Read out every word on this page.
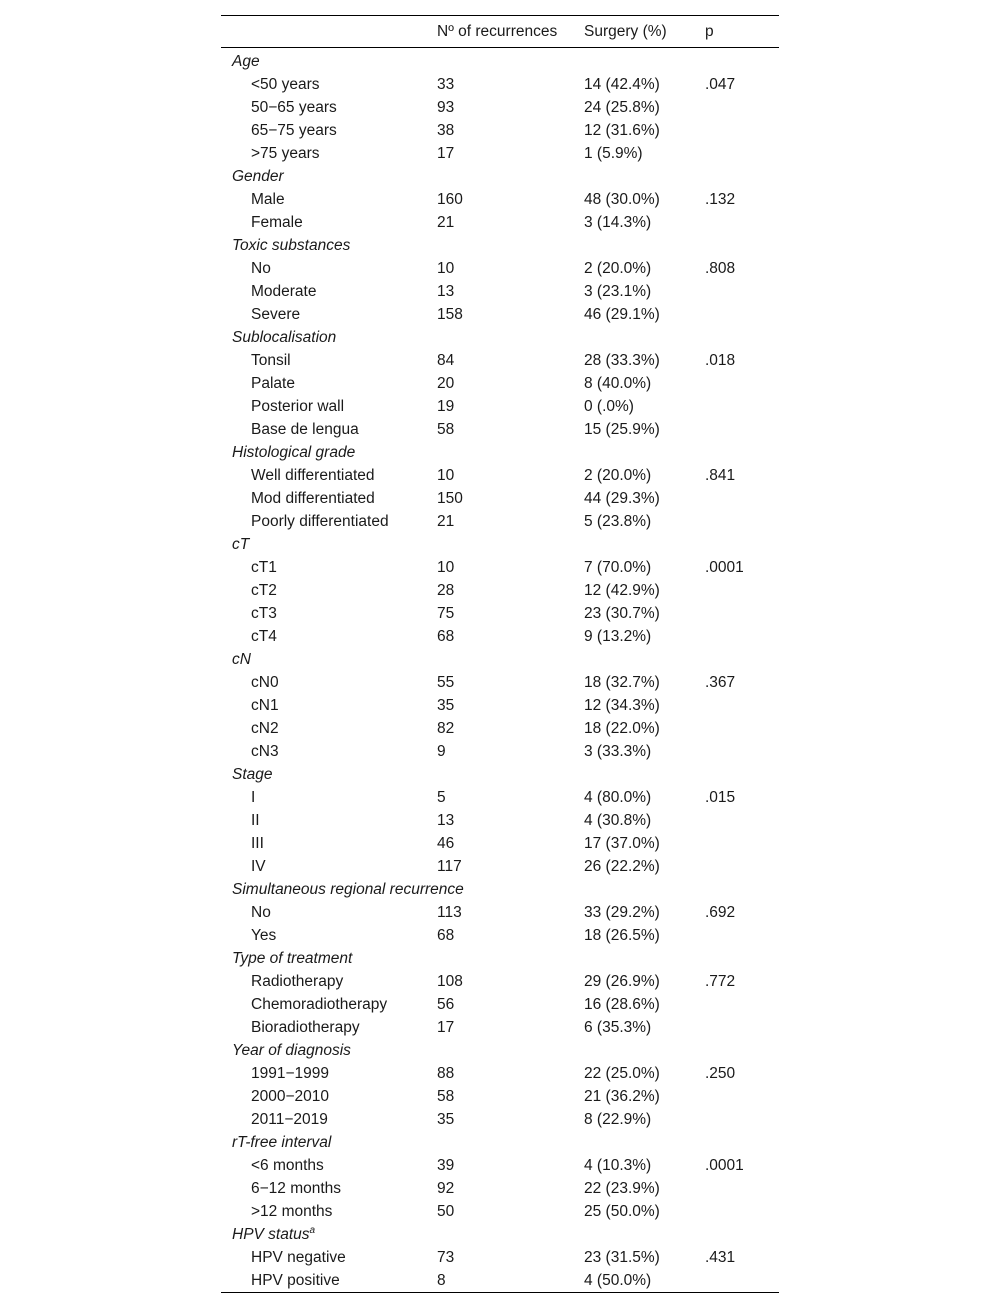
	Nº of recurrences	Surgery (%)	p
Age			
<50 years	33	14 (42.4%)	.047
50−65 years	93	24 (25.8%)	
65−75 years	38	12 (31.6%)	
>75 years	17	1 (5.9%)	
Gender			
Male	160	48 (30.0%)	.132
Female	21	3 (14.3%)	
Toxic substances			
No	10	2 (20.0%)	.808
Moderate	13	3 (23.1%)	
Severe	158	46 (29.1%)	
Sublocalisation			
Tonsil	84	28 (33.3%)	.018
Palate	20	8 (40.0%)	
Posterior wall	19	0 (.0%)	
Base de lengua	58	15 (25.9%)	
Histological grade			
Well differentiated	10	2 (20.0%)	.841
Mod differentiated	150	44 (29.3%)	
Poorly differentiated	21	5 (23.8%)	
cT			
cT1	10	7 (70.0%)	.0001
cT2	28	12 (42.9%)	
cT3	75	23 (30.7%)	
cT4	68	9 (13.2%)	
cN			
cN0	55	18 (32.7%)	.367
cN1	35	12 (34.3%)	
cN2	82	18 (22.0%)	
cN3	9	3 (33.3%)	
Stage			
I	5	4 (80.0%)	.015
II	13	4 (30.8%)	
III	46	17 (37.0%)	
IV	117	26 (22.2%)	
Simultaneous regional recurrence			
No	113	33 (29.2%)	.692
Yes	68	18 (26.5%)	
Type of treatment			
Radiotherapy	108	29 (26.9%)	.772
Chemoradiotherapy	56	16 (28.6%)	
Bioradiotherapy	17	6 (35.3%)	
Year of diagnosis			
1991−1999	88	22 (25.0%)	.250
2000−2010	58	21 (36.2%)	
2011−2019	35	8 (22.9%)	
rT-free interval			
<6 months	39	4 (10.3%)	.0001
6−12 months	92	22 (23.9%)	
>12 months	50	25 (50.0%)	
HPV status$^a$
HPV negative	73	23 (31.5%)	.431
HPV positive	8	4 (50.0%)	
